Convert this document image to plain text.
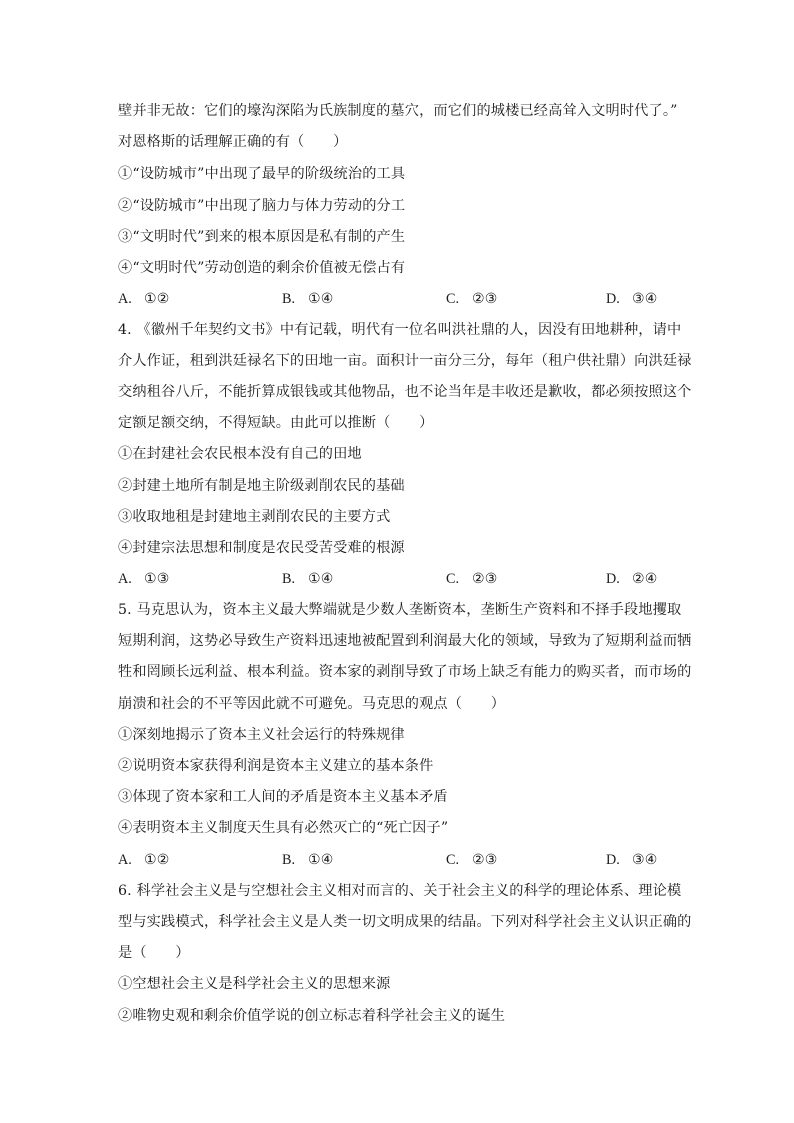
壁并非无故：它们的壕沟深陷为氏族制度的墓穴，而它们的城楼已经高耸入文明时代了。”
对恩格斯的话理解正确的有（　　）
①“设防城市”中出现了最早的阶级统治的工具
②“设防城市”中出现了脑力与体力劳动的分工
③“文明时代”到来的根本原因是私有制的产生
④“文明时代”劳动创造的剩余价值被无偿占有
A. ①②	B. ①④	C. ②③	D. ③④
4. 《徽州千年契约文书》中有记载，明代有一位名叫洪社鼎的人，因没有田地耕种，请中
介人作证，租到洪廷禄名下的田地一亩。面积计一亩分三分，每年（租户供社鼎）向洪廷禄
交纳租谷八斤，不能折算成银钱或其他物品，也不论当年是丰收还是歉收，都必须按照这个
定额足额交纳，不得短缺。由此可以推断（　　）
①在封建社会农民根本没有自己的田地
②封建土地所有制是地主阶级剥削农民的基础
③收取地租是封建地主剥削农民的主要方式
④封建宗法思想和制度是农民受苦受难的根源
A. ①③	B. ①④	C. ②③	D. ②④
5. 马克思认为，资本主义最大弊端就是少数人垄断资本，垄断生产资料和不择手段地攫取
短期利润，这势必导致生产资料迅速地被配置到利润最大化的领域，导致为了短期利益而牺
牲和罔顾长远利益、根本利益。资本家的剥削导致了市场上缺乏有能力的购买者，而市场的
崩溃和社会的不平等因此就不可避免。马克思的观点（　　）
①深刻地揭示了资本主义社会运行的特殊规律
②说明资本家获得利润是资本主义建立的基本条件
③体现了资本家和工人间的矛盾是资本主义基本矛盾
④表明资本主义制度天生具有必然灭亡的“死亡因子”
A. ①②	B. ①④	C. ②③	D. ③④
6. 科学社会主义是与空想社会主义相对而言的、关于社会主义的科学的理论体系、理论模
型与实践模式，科学社会主义是人类一切文明成果的结晶。下列对科学社会主义认识正确的
是（　　）
①空想社会主义是科学社会主义的思想来源
②唯物史观和剩余价值学说的创立标志着科学社会主义的诞生
